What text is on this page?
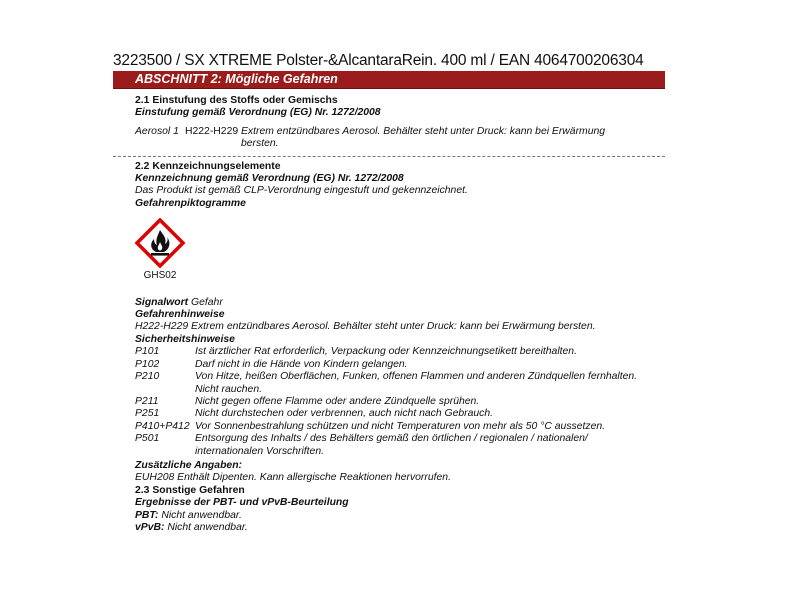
3223500 / SX XTREME Polster-&AlcantaraRein. 400 ml / EAN 4064700206304
ABSCHNITT 2: Mögliche Gefahren
2.1 Einstufung des Stoffs oder Gemischs
Einstufung gemäß Verordnung (EG) Nr. 1272/2008
Aerosol 1 H222-H229 Extrem entzündbares Aerosol. Behälter steht unter Druck: kann bei Erwärmung
bersten.
2.2 Kennzeichnungselemente
Kennzeichnung gemäß Verordnung (EG) Nr. 1272/2008
Das Produkt ist gemäß CLP-Verordnung eingestuft und gekennzeichnet.
Gefahrenpiktogramme
GHS02
Signalwort Gefahr
Gefahrenhinweise
H222-H229 Extrem entzündbares Aerosol. Behälter steht unter Druck: kann bei Erwärmung bersten.
Sicherheitshinweise
P101	Ist ärztlicher Rat erforderlich, Verpackung oder Kennzeichnungsetikett bereithalten.
P102	Darf nicht in die Hände von Kindern gelangen.
P210	Von Hitze, heißen Oberflächen, Funken, offenen Flammen und anderen Zündquellen fernhalten.
Nicht rauchen.
P211	Nicht gegen offene Flamme oder andere Zündquelle sprühen.
P251	Nicht durchstechen oder verbrennen, auch nicht nach Gebrauch.
P410+P412 Vor Sonnenbestrahlung schützen und nicht Temperaturen von mehr als 50 °C aussetzen.
P501	Entsorgung des Inhalts / des Behälters gemäß den örtlichen / regionalen / nationalen/
internationalen Vorschriften.
Zusätzliche Angaben:
EUH208 Enthält Dipenten. Kann allergische Reaktionen hervorrufen.
2.3 Sonstige Gefahren
Ergebnisse der PBT- und vPvB-Beurteilung
PBT: Nicht anwendbar.
vPvB: Nicht anwendbar.
